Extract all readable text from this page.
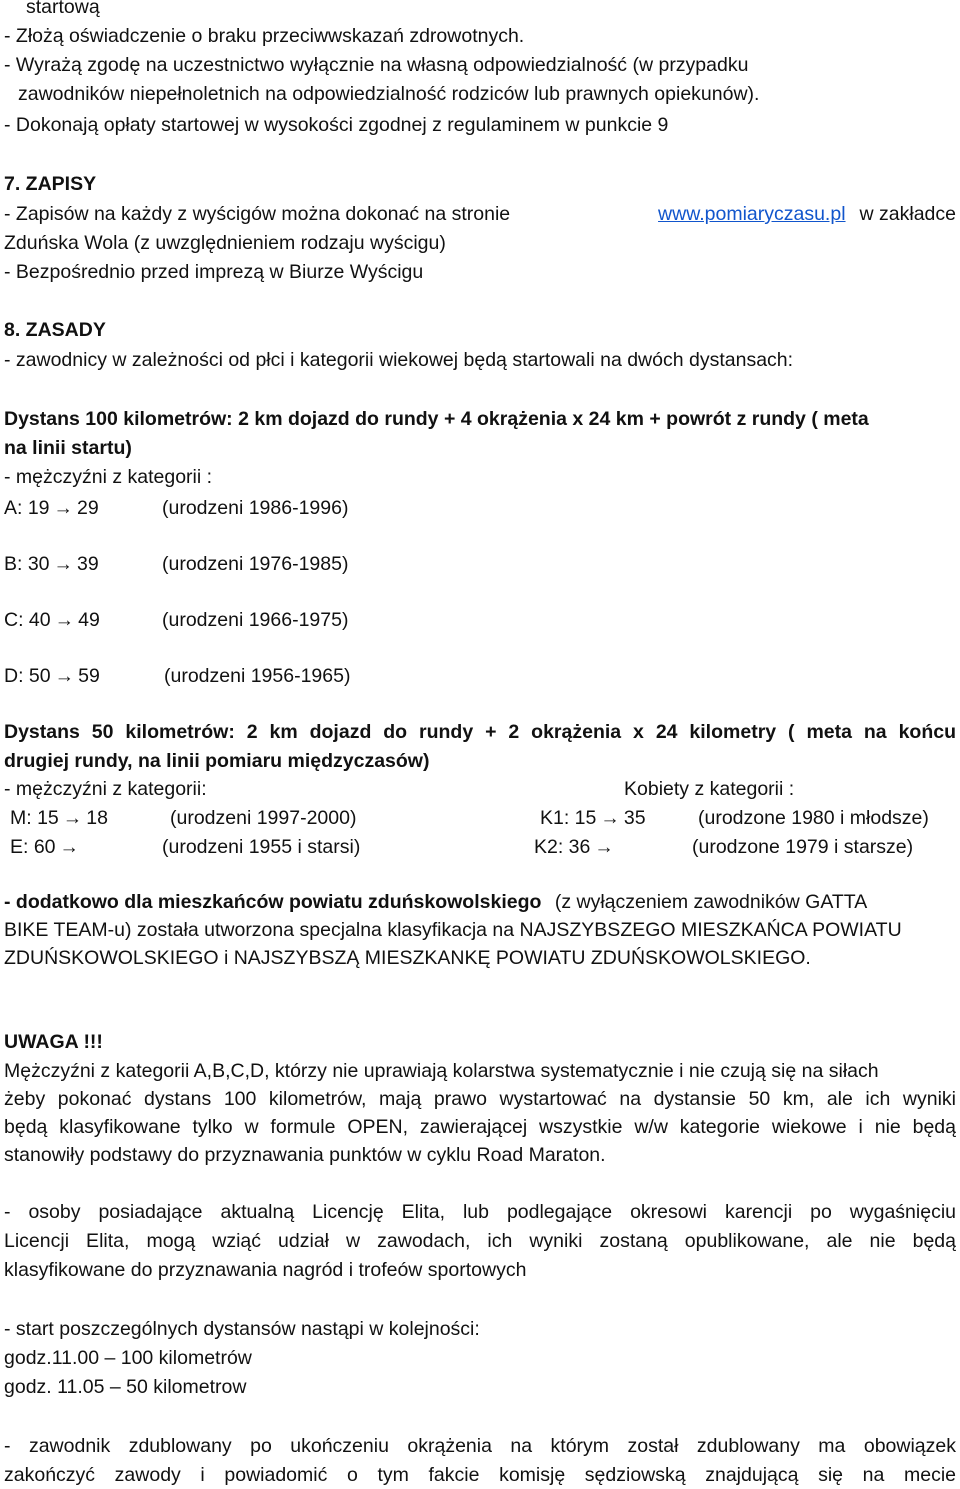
startową
- Złożą oświadczenie o braku przeciwwskazań zdrowotnych.
- Wyrażą zgodę na uczestnictwo wyłącznie na własną odpowiedzialność (w przypadku
zawodników niepełnoletnich na odpowiedzialność rodziców lub prawnych opiekunów).
- Dokonają opłaty startowej w wysokości zgodnej z regulaminem w punkcie 9
7. ZAPISY
- Zapisów na każdy z wyścigów można dokonać na stronie	www.pomiaryczasu.pl w zakładce
Zduńska Wola (z uwzględnieniem rodzaju wyścigu)
- Bezpośrednio przed imprezą w Biurze Wyścigu
8. ZASADY
- zawodnicy w zależności od płci i kategorii wiekowej będą startowali na dwóch dystansach:
Dystans 100 kilometrów: 2 km dojazd do rundy + 4 okrążenia x 24 km + powrót z rundy ( meta
na linii startu)
- mężczyźni z kategorii :
A: 19 → 29	(urodzeni 1986-1996)
B: 30 → 39	(urodzeni 1976-1985)
C: 40 → 49	(urodzeni 1966-1975)
D: 50 → 59	(urodzeni 1956-1965)
Dystans 50 kilometrów: 2 km dojazd do rundy + 2 okrążenia x 24 kilometry ( meta na końcu
drugiej rundy, na linii pomiaru międzyczasów)
- mężczyźni z kategorii:	Kobiety z kategorii :
M: 15 → 18	(urodzeni 1997-2000)	K1: 15 → 35	(urodzone 1980 i młodsze)
E: 60 →	(urodzeni 1955 i starsi)	K2: 36 →	(urodzone 1979 i starsze)
- dodatkowo dla mieszkańców powiatu zduńskowolskiego (z wyłączeniem zawodników GATTA
BIKE TEAM-u) została utworzona specjalna klasyfikacja na NAJSZYBSZEGO MIESZKAŃCA POWIATU
ZDUŃSKOWOLSKIEGO i NAJSZYBSZĄ MIESZKANKĘ POWIATU ZDUŃSKOWOLSKIEGO.
UWAGA !!!
Mężczyźni z kategorii A,B,C,D, którzy nie uprawiają kolarstwa systematycznie i nie czują się na siłach
żeby pokonać dystans 100 kilometrów, mają prawo wystartować na dystansie 50 km, ale ich wyniki
będą klasyfikowane tylko w formule OPEN, zawierającej wszystkie w/w kategorie wiekowe i nie będą
stanowiły podstawy do przyznawania punktów w cyklu Road Maraton.
- osoby posiadające aktualną Licencję Elita, lub podlegające okresowi karencji po wygaśnięciu
Licencji Elita, mogą wziąć udział w zawodach, ich wyniki zostaną opublikowane, ale nie będą
klasyfikowane do przyznawania nagród i trofeów sportowych
- start poszczególnych dystansów nastąpi w kolejności:
godz.11.00 – 100 kilometrów
godz. 11.05 – 50 kilometrow
- zawodnik zdublowany po ukończeniu okrążenia na którym został zdublowany ma obowiązek
zakończyć zawody i powiadomić o tym fakcie komisję sędziowską znajdującą się na mecie
